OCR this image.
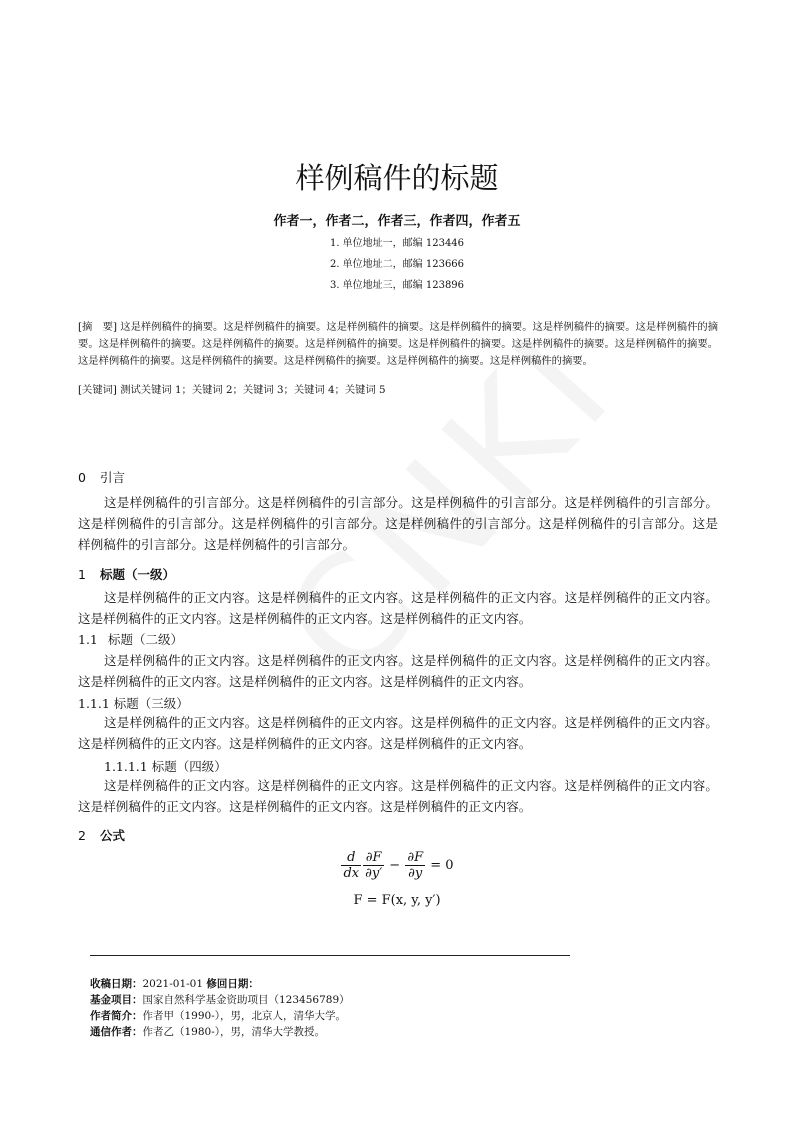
样例稿件的标题
作者一，作者二，作者三，作者四，作者五
1. 单位地址一，邮编 123446
2. 单位地址二，邮编 123666
3. 单位地址三，邮编 123896
[摘　要] 这是样例稿件的摘要。这是样例稿件的摘要。这是样例稿件的摘要。这是样例稿件的摘要。这是样例稿件的摘要。这是样例稿件的摘要。这是样例稿件的摘要。这是样例稿件的摘要。这是样例稿件的摘要。这是样例稿件的摘要。这是样例稿件的摘要。这是样例稿件的摘要。这是样例稿件的摘要。这是样例稿件的摘要。这是样例稿件的摘要。这是样例稿件的摘要。这是样例稿件的摘要。
[关键词] 测试关键词 1；关键词 2；关键词 3；关键词 4；关键词 5
0 引言
这是样例稿件的引言部分。这是样例稿件的引言部分。这是样例稿件的引言部分。这是样例稿件的引言部分。这是样例稿件的引言部分。这是样例稿件的引言部分。这是样例稿件的引言部分。这是样例稿件的引言部分。这是样例稿件的引言部分。这是样例稿件的引言部分。
1 标题（一级）
这是样例稿件的正文内容。这是样例稿件的正文内容。这是样例稿件的正文内容。这是样例稿件的正文内容。这是样例稿件的正文内容。这是样例稿件的正文内容。这是样例稿件的正文内容。
1.1 标题（二级）
这是样例稿件的正文内容。这是样例稿件的正文内容。这是样例稿件的正文内容。这是样例稿件的正文内容。这是样例稿件的正文内容。这是样例稿件的正文内容。这是样例稿件的正文内容。
1.1.1 标题（三级）
这是样例稿件的正文内容。这是样例稿件的正文内容。这是样例稿件的正文内容。这是样例稿件的正文内容。这是样例稿件的正文内容。这是样例稿件的正文内容。这是样例稿件的正文内容。
1.1.1.1 标题（四级）
这是样例稿件的正文内容。这是样例稿件的正文内容。这是样例稿件的正文内容。这是样例稿件的正文内容。这是样例稿件的正文内容。这是样例稿件的正文内容。这是样例稿件的正文内容。
2 公式
$\frac{d}{dx} \frac{\partial F}{\partial y'} - \frac{\partial F}{\partial y} = 0$
F = F(x, y, y′)
收稿日期：2021-01-01 修回日期：
基金项目：国家自然科学基金资助项目（123456789）
作者简介：作者甲（1990-），男，北京人，清华大学。
通信作者：作者乙（1980-），男，清华大学教授。
